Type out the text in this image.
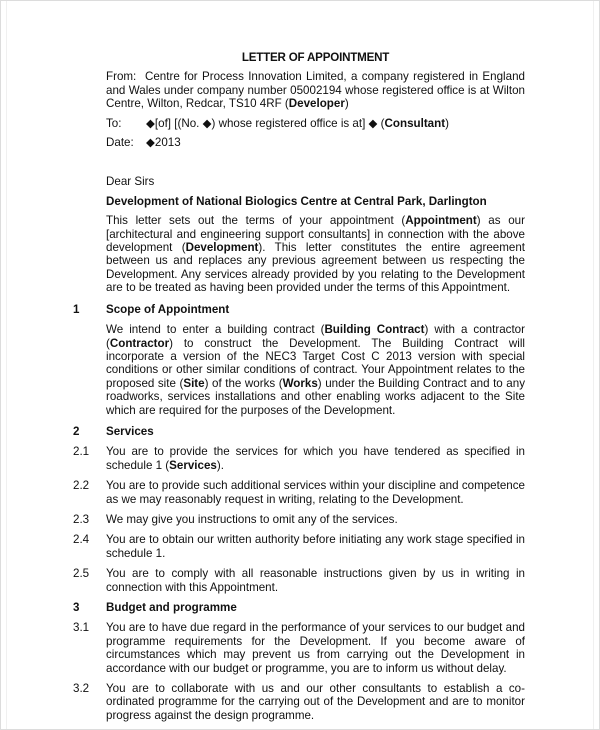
LETTER OF APPOINTMENT

From: Centre for Process Innovation Limited, a company registered in England and Wales under company number 05002194 whose registered office is at Wilton Centre, Wilton, Redcar, TS10 4RF (Developer)

To:	◆[of] [(No. ◆) whose registered office is at] ◆ (Consultant)
Date:	◆2013

Dear Sirs

Development of National Biologics Centre at Central Park, Darlington

This letter sets out the terms of your appointment (Appointment) as our [architectural and engineering support consultants] in connection with the above development (Development). This letter constitutes the entire agreement between us and replaces any previous agreement between us respecting the Development. Any services already provided by you relating to the Development are to be treated as having been provided under the terms of this Appointment.

1	Scope of Appointment

We intend to enter a building contract (Building Contract) with a contractor (Contractor) to construct the Development. The Building Contract will incorporate a version of the NEC3 Target Cost C 2013 version with special conditions or other similar conditions of contract. Your Appointment relates to the proposed site (Site) of the works (Works) under the Building Contract and to any roadworks, services installations and other enabling works adjacent to the Site which are required for the purposes of the Development.

2	Services
2.1	You are to provide the services for which you have tendered as specified in schedule 1 (Services).
2.2	You are to provide such additional services within your discipline and competence as we may reasonably request in writing, relating to the Development.
2.3	We may give you instructions to omit any of the services.
2.4	You are to obtain our written authority before initiating any work stage specified in schedule 1.
2.5	You are to comply with all reasonable instructions given by us in writing in connection with this Appointment.
3	Budget and programme
3.1	You are to have due regard in the performance of your services to our budget and programme requirements for the Development. If you become aware of circumstances which may prevent us from carrying out the Development in accordance with our budget or programme, you are to inform us without delay.
3.2	You are to collaborate with us and our other consultants to establish a co-ordinated programme for the carrying out of the Development and are to monitor progress against the design programme.
